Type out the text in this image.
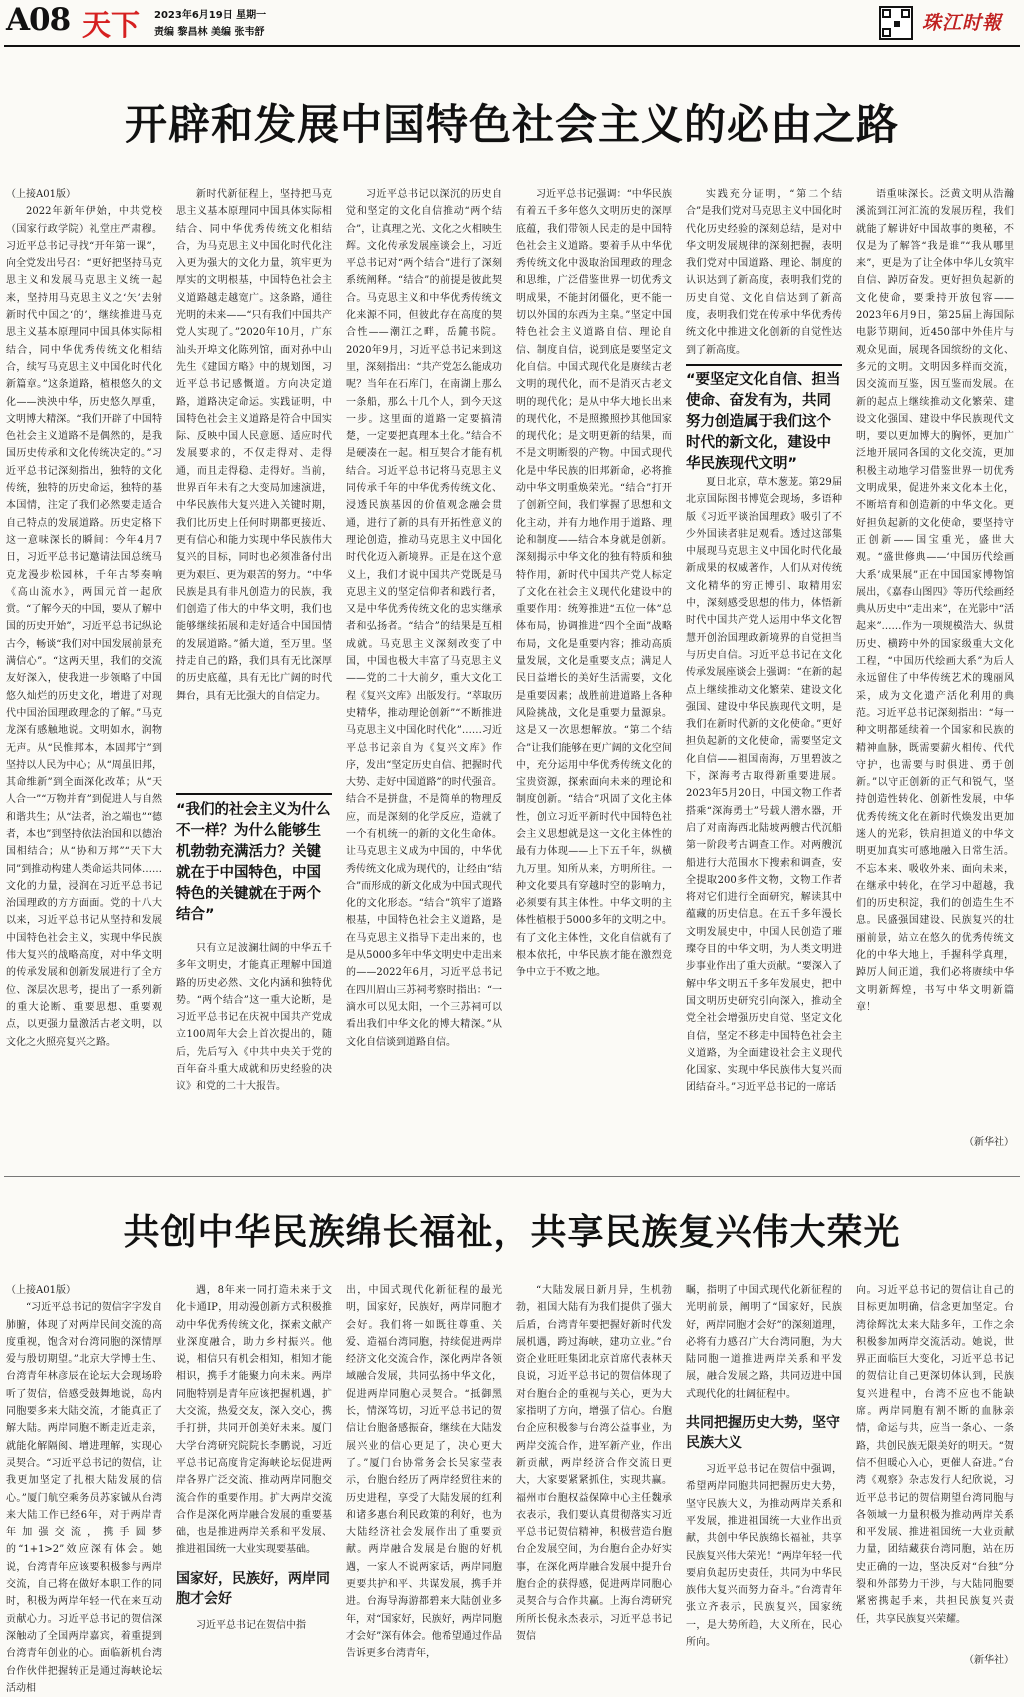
A08 天下 2023年6月19日 星期一
责编 黎昌林 美编 张韦舒	珠江时報
开辟和发展中国特色社会主义的必由之路

（上接A01版）

2022年新年伊始，中共党校（国家行政学院）礼堂庄严肃穆。习近平总书记寻找“开年第一课”，向全党发出号召：“更好把坚持马克思主义和发展马克思主义统一起来，坚持用马克思主义之‘矢’去射新时代中国之‘的’，继续推进马克思主义基本原理同中国具体实际相结合，同中华优秀传统文化相结合，续写马克思主义中国化时代化新篇章。”这条道路，植根悠久的文化——泱泱中华，历史悠久厚重，文明博大精深。“我们开辟了中国特色社会主义道路不是偶然的，是我国历史传承和文化传统决定的。”习近平总书记深刻指出，独特的文化传统，独特的历史命运，独特的基本国情，注定了我们必然要走适合自己特点的发展道路。历史定格下这一意味深长的瞬间：今年4月7日，习近平总书记邀请法国总统马克龙漫步松园林，千年古琴奏响《高山流水》，两国元首一起欣赏。“了解今天的中国，要从了解中国的历史开始”，习近平总书记纵论古今，畅谈“我们对中国发展前景充满信心”。“这两天里，我们的交流友好深入，使我进一步领略了中国悠久灿烂的历史文化，增进了对现代中国治国理政理念的了解。”马克龙深有感触地说。文明如水，润物无声。从“民惟邦本，本固邦宁”到坚持以人民为中心；从“周虽旧邦，其命维新”到全面深化改革；从“天人合一”“万物并育”到促进人与自然和谐共生；从“法者，治之端也”“德者，本也”到坚持依法治国和以德治国相结合；从“协和万邦”“天下大同”到推动构建人类命运共同体……文化的力量，浸润在习近平总书记治国理政的方方面面。党的十八大以来，习近平总书记从坚持和发展中国特色社会主义，实现中华民族伟大复兴的战略高度，对中华文明的传承发展和创新发展进行了全方位、深层次思考，提出了一系列新的重大论断、重要思想、重要观点，以更强力量激活古老文明，以文化之火照亮复兴之路。

新时代新征程上，坚持把马克思主义基本原理同中国具体实际相结合、同中华优秀传统文化相结合，为马克思主义中国化时代化注入更为强大的文化力量，筑牢更为厚实的文明根基，中国特色社会主义道路越走越宽广。这条路，通往光明的未来——“只有我们中国共产党人实现了。”2020年10月，广东汕头开埠文化陈列馆，面对孙中山先生《建国方略》中的规划图，习近平总书记感慨道。方向决定道路，道路决定命运。实践证明，中国特色社会主义道路是符合中国实际、反映中国人民意愿、适应时代发展要求的，不仅走得对、走得通，而且走得稳、走得好。当前，世界百年未有之大变局加速演进，中华民族伟大复兴进入关键时期，我们比历史上任何时期都更接近、更有信心和能力实现中华民族伟大复兴的目标，同时也必须准备付出更为艰巨、更为艰苦的努力。“中华民族是具有非凡创造力的民族，我们创造了伟大的中华文明，我们也能够继续拓展和走好适合中国国情的发展道路。”循大道，至万里。坚持走自己的路，我们具有无比深厚的历史底蕴，具有无比广阔的时代舞台，具有无比强大的自信定力。

“我们的社会主义为什么不一样？为什么能够生机勃勃充满活力？关键就在于中国特色，中国特色的关键就在于两个结合”

只有立足波澜壮阔的中华五千多年文明史，才能真正理解中国道路的历史必然、文化内涵和独特优势。“两个结合”这一重大论断，是习近平总书记在庆祝中国共产党成立100周年大会上首次提出的，随后，先后写入《中共中央关于党的百年奋斗重大成就和历史经验的决议》和党的二十大报告。

习近平总书记以深沉的历史自觉和坚定的文化自信推动“两个结合”，让真理之光、文化之火相映生辉。文化传承发展座谈会上，习近平总书记对“两个结合”进行了深刻系统阐释。“结合”的前提是彼此契合。马克思主义和中华优秀传统文化来源不同，但彼此存在高度的契合性——潮江之畔，岳麓书院。2020年9月，习近平总书记来到这里，深刻指出：“共产党怎么能成功呢？当年在石库门，在南湖上那么一条船，那么十几个人，到今天这一步。这里面的道路一定要搞清楚，一定要把真理本土化。”结合不是硬凑在一起。相互契合才能有机结合。习近平总书记将马克思主义同传承千年的中华优秀传统文化、浸透民族基因的价值观念融会贯通，进行了新的具有开拓性意义的理论创造，推动马克思主义中国化时代化迈入新境界。正是在这个意义上，我们才说中国共产党既是马克思主义的坚定信仰者和践行者，又是中华优秀传统文化的忠实继承者和弘扬者。“结合”的结果是互相成就。马克思主义深刻改变了中国，中国也极大丰富了马克思主义——党的二十大前夕，重大文化工程《复兴文库》出版发行。“萃取历史精华，推动理论创新”“不断推进马克思主义中国化时代化”……习近平总书记亲自为《复兴文库》作序，发出“坚定历史自信、把握时代大势、走好中国道路”的时代强音。结合不是拼盘，不是简单的物理反应，而是深刻的化学反应，造就了一个有机统一的新的文化生命体。让马克思主义成为中国的，中华优秀传统文化成为现代的，让经由“结合”而形成的新文化成为中国式现代化的文化形态。“结合”筑牢了道路根基，中国特色社会主义道路，是在马克思主义指导下走出来的，也是从5000多年中华文明史中走出来的——2022年6月，习近平总书记在四川眉山三苏祠考察时指出：“一滴水可以见太阳，一个三苏祠可以看出我们中华文化的博大精深。”从文化自信谈到道路自信。

习近平总书记强调：“中华民族有着五千多年悠久文明历史的深厚底蕴，我们带领人民走的是中国特色社会主义道路。要着手从中华优秀传统文化中汲取治国理政的理念和思维，广泛借鉴世界一切优秀文明成果，不能封闭僵化，更不能一切以外国的东西为主臬。”坚定中国特色社会主义道路自信、理论自信、制度自信，说到底是要坚定文化自信。中国式现代化是赓续古老文明的现代化，而不是消灭古老文明的现代化；是从中华大地长出来的现代化，不是照搬照抄其他国家的现代化；是文明更新的结果，而不是文明断裂的产物。中国式现代化是中华民族的旧邦新命，必将推动中华文明重焕荣光。“结合”打开了创新空间，我们掌握了思想和文化主动，并有力地作用于道路、理论和制度——结合本身就是创新。深刻揭示中华文化的独有特质和独特作用，新时代中国共产党人标定了文化在社会主义现代化建设中的重要作用：统筹推进“五位一体”总体布局，协调推进“四个全面”战略布局，文化是重要内容；推动高质量发展，文化是重要支点；满足人民日益增长的美好生活需要，文化是重要因素；战胜前进道路上各种风险挑战，文化是重要力量源泉。这是又一次思想解放。“第二个结合”让我们能够在更广阔的文化空间中，充分运用中华优秀传统文化的宝贵资源，探索面向未来的理论和制度创新。“结合”巩固了文化主体性，创立习近平新时代中国特色社会主义思想就是这一文化主体性的最有力体现——上下五千年，纵横九万里。知所从来，方明所往。一种文化要具有穿越时空的影响力，必须要有其主体性。中华文明的主体性植根于5000多年的文明之中。有了文化主体性，文化自信就有了根本依托，中华民族才能在激烈竞争中立于不败之地。

实践充分证明，“第二个结合”是我们党对马克思主义中国化时代化历史经验的深刻总结，是对中华文明发展规律的深刻把握，表明我们党对中国道路、理论、制度的认识达到了新高度，表明我们党的历史自觉、文化自信达到了新高度，表明我们党在传承中华优秀传统文化中推进文化创新的自觉性达到了新高度。

“要坚定文化自信、担当使命、奋发有为，共同努力创造属于我们这个时代的新文化，建设中华民族现代文明”

夏日北京，草木葱茏。第29届北京国际图书博览会现场，多语种版《习近平谈治国理政》吸引了不少外国读者驻足观看。透过这部集中展现马克思主义中国化时代化最新成果的权威著作，人们从对传统文化精华的穷正博引、取精用宏中，深刻感受思想的伟力，体悟新时代中国共产党人运用中华文化智慧开创治国理政新境界的自觉担当与历史自信。习近平总书记在文化传承发展座谈会上强调：“在新的起点上继续推动文化繁荣、建设文化强国、建设中华民族现代文明，是我们在新时代新的文化使命。”更好担负起新的文化使命，需要坚定文化自信——祖国南海，万里碧波之下，深海考古取得新重要进展。2023年5月20日，中国文物工作者搭乘“深海勇士”号载人潜水器，开启了对南海西北陆坡两艘古代沉船第一阶段考古调查工作。对两艘沉船进行大范围水下搜索和调查，安全提取200多件文物，文物工作者将对它们进行全面研究，解读其中蕴藏的历史信息。在五千多年漫长文明发展史中，中国人民创造了璀璨夺目的中华文明，为人类文明进步事业作出了重大贡献。“要深入了解中华文明五千多年发展史，把中国文明历史研究引向深入，推动全党全社会增强历史自觉、坚定文化自信，坚定不移走中国特色社会主义道路，为全面建设社会主义现代化国家、实现中华民族伟大复兴而团结奋斗。”习近平总书记的一席话

语重味深长。泛黄文明从浩瀚溪流到江河汇流的发展历程，我们就能了解讲好中国故事的奥秘，不仅是为了解答“我是谁”“我从哪里来”，更是为了让全体中华儿女筑牢自信、踔厉奋发。更好担负起新的文化使命，要秉持开放包容——2023年6月9日，第25届上海国际电影节期间，近450部中外佳片与观众见面，展现各国缤纷的文化、多元的文明。文明因多样而交流，因交流而互鉴，因互鉴而发展。在新的起点上继续推动文化繁荣、建设文化强国、建设中华民族现代文明，要以更加博大的胸怀，更加广泛地开展同各国的文化交流，更加积极主动地学习借鉴世界一切优秀文明成果，促进外来文化本土化，不断培育和创造新的中华文化。更好担负起新的文化使命，要坚持守正创新——国宝重光，盛世大观。“盛世修典——‘中国历代绘画大系’成果展”正在中国国家博物馆展出，《嘉春山图四》等历代绘画经典从历史中“走出来”，在光影中“活起来”……作为一项规模浩大、纵贯历史、横跨中外的国家级重大文化工程，“中国历代绘画大系”为后人永远留住了中华传统艺术的瑰丽风采，成为文化遗产活化利用的典范。习近平总书记深刻指出：“每一种文明都延续着一个国家和民族的精神血脉，既需要薪火相传、代代守护，也需要与时俱进、勇于创新。”以守正创新的正气和锐气，坚持创造性转化、创新性发展，中华优秀传统文化在新时代焕发出更加迷人的光彩，铁肩担道义的中华文明更加真实可感地融入日常生活。不忘本来、吸收外来、面向未来，在继承中转化，在学习中超越，我们的历史积淀，我们的创造生生不息。民盛强国建设、民族复兴的壮丽前景，站立在悠久的优秀传统文化的中华大地上，手握科学真理，踔厉人间正道，我们必将赓续中华文明新辉煌，书写中华文明新篇章！

（新华社）

共创中华民族绵长福祉，共享民族复兴伟大荣光

（上接A01版）

“习近平总书记的贺信字字发自肺腑，体现了对两岸民间交流的高度重视，饱含对台湾同胞的深情厚爱与殷切期望。”北京大学博士生、台湾青年林彦辰在论坛大会现场聆听了贺信，倍感受鼓舞地说，岛内同胞要多来大陆交流，才能真正了解大陆。两岸同胞不断走近走亲，就能化解隔阂、增进理解，实现心灵契合。“习近平总书记的贺信，让我更加坚定了扎根大陆发展的信心。”厦门航空乘务员苏家铖从台湾来大陆工作已经6年，对于两岸青年加强交流，携手圆梦的“1+1>2”效应深有体会。她说，台湾青年应该要积极参与两岸交流，自己将在做好本职工作的同时，积极为两岸年轻一代在来互动贡献心力。习近平总书记的贺信深深触动了全国两岸嘉宾，着重提到台湾青年创业的心。面临新机台湾台作伙伴把握转正是通过海峡论坛活动相

遇，8年来一同打造未来于文化卡通IP，用动漫创新方式积极推动中华优秀传统文化，探索文献产业深度融合，助力乡村振兴。他说，相信只有机会相知，相知才能相识，携手才能聚力向未来。两岸同胞特别是青年应该把握机遇，扩大交流，热爱交友，深入交心，携手打拼，共同开创美好未来。厦门大学台湾研究院院长李鹏说，习近平总书记高度肯定海峡论坛促进两岸各界广泛交流、推动两岸同胞交流合作的重要作用。扩大两岸交流合作是深化两岸融合发展的重要基础，也是推进两岸关系和平发展、推进祖国统一大业实现要基础。

国家好，民族好，两岸同胞才会好

习近平总书记在贺信中指

出，中国式现代化新征程的最光明，国家好，民族好，两岸同胞才会好。我们将一如既往尊重、关爱、造福台湾同胞，持续促进两岸经济文化交流合作，深化两岸各领域融合发展，共同弘扬中华文化，促进两岸同胞心灵契合。“抵御黑长，情深笃切，习近平总书记的贺信让台胞备感振奋，继续在大陆发展兴业的信心更足了，决心更大了。”厦门台协常务会长吴家莹表示，台胞台经历了两岸经贸往来的历史进程，享受了大陆发展的红利和诸多惠台利民政策的利好，也为大陆经济社会发展作出了重要贡献。两岸融合发展是台胞的好机遇，一家人不说两家话，两岸同胞更要共护和平、共谋发展，携手并进。台海导海游都碧来大陆创业多年，对“国家好，民族好，两岸同胞才会好”深有体会。他希望通过作品告诉更多台湾青年，

“大陆发展日新月异，生机勃勃，祖国大陆有为我们提供了强大后盾，台湾青年要把握好新时代发展机遇，跨过海峡，建功立业。”台资企业旺旺集团北京首席代表林天良说，习近平总书记的贺信体现了对台胞台企的重视与关心，更为大家指明了方向，增强了信心。台胞台企应积极参与台湾公益事业，为两岸交流合作，进军新产业，作出新贡献，两岸经济合作交流日更大，大家要紧紧抓住，实现共赢。福州市台胞权益保障中心主任魏承衣表示，我们要认真贯彻落实习近平总书记贺信精神，积极营造台胞台企发展空间，为台胞台企办好实事，在深化两岸融合发展中提升台胞台企的获得感，促进两岸同胞心灵契合与合作共赢。上海台湾研究所所长倪永杰表示，习近平总书记贺信

瞩，指明了中国式现代化新征程的光明前景，阐明了“国家好，民族好，两岸同胞才会好”的深刻道理，必将有力感召广大台湾同胞，为大陆同胞一道推进两岸关系和平发展，融合发展之路，共同迈进中国式现代化的壮阔征程中。

共同把握历史大势，坚守民族大义

习近平总书记在贺信中强调，希望两岸同胞共同把握历史大势，坚守民族大义，为推动两岸关系和平发展，推进祖国统一大业作出贡献，共创中华民族绵长福祉，共享民族复兴伟大荣光！“两岸年轻一代要肩负起历史责任，共同为中华民族伟大复兴而努力奋斗。”台湾青年张立齐表示，民族复兴，国家统一，是大势所趋，大义所在，民心所向。

向。习近平总书记的贺信让自己的目标更加明确，信念更加坚定。台湾徐辉沈太来大陆多年，工作之余积极参加两岸交流活动。她说，世界正面临巨大变化，习近平总书记的贺信让自己更深切体认到，民族复兴进程中，台湾不应也不能缺席。两岸同胞有割不断的血脉亲情，命运与共，应当一条心、一条路，共创民族无限美好的明天。“贺信不但暖心入心，更催人奋进。”台湾《观察》杂志发行人纪欣说，习近平总书记的贺信期望台湾同胞与各领域一力量积极为推动两岸关系和平发展、推进祖国统一大业贡献力量，团结藏获台湾同胞，站在历史正确的一边，坚决反对“台独”分裂和外部势力干涉，与大陆同胞要紧密携起手来，共担民族复兴责任，共享民族复兴荣耀。

（新华社）
